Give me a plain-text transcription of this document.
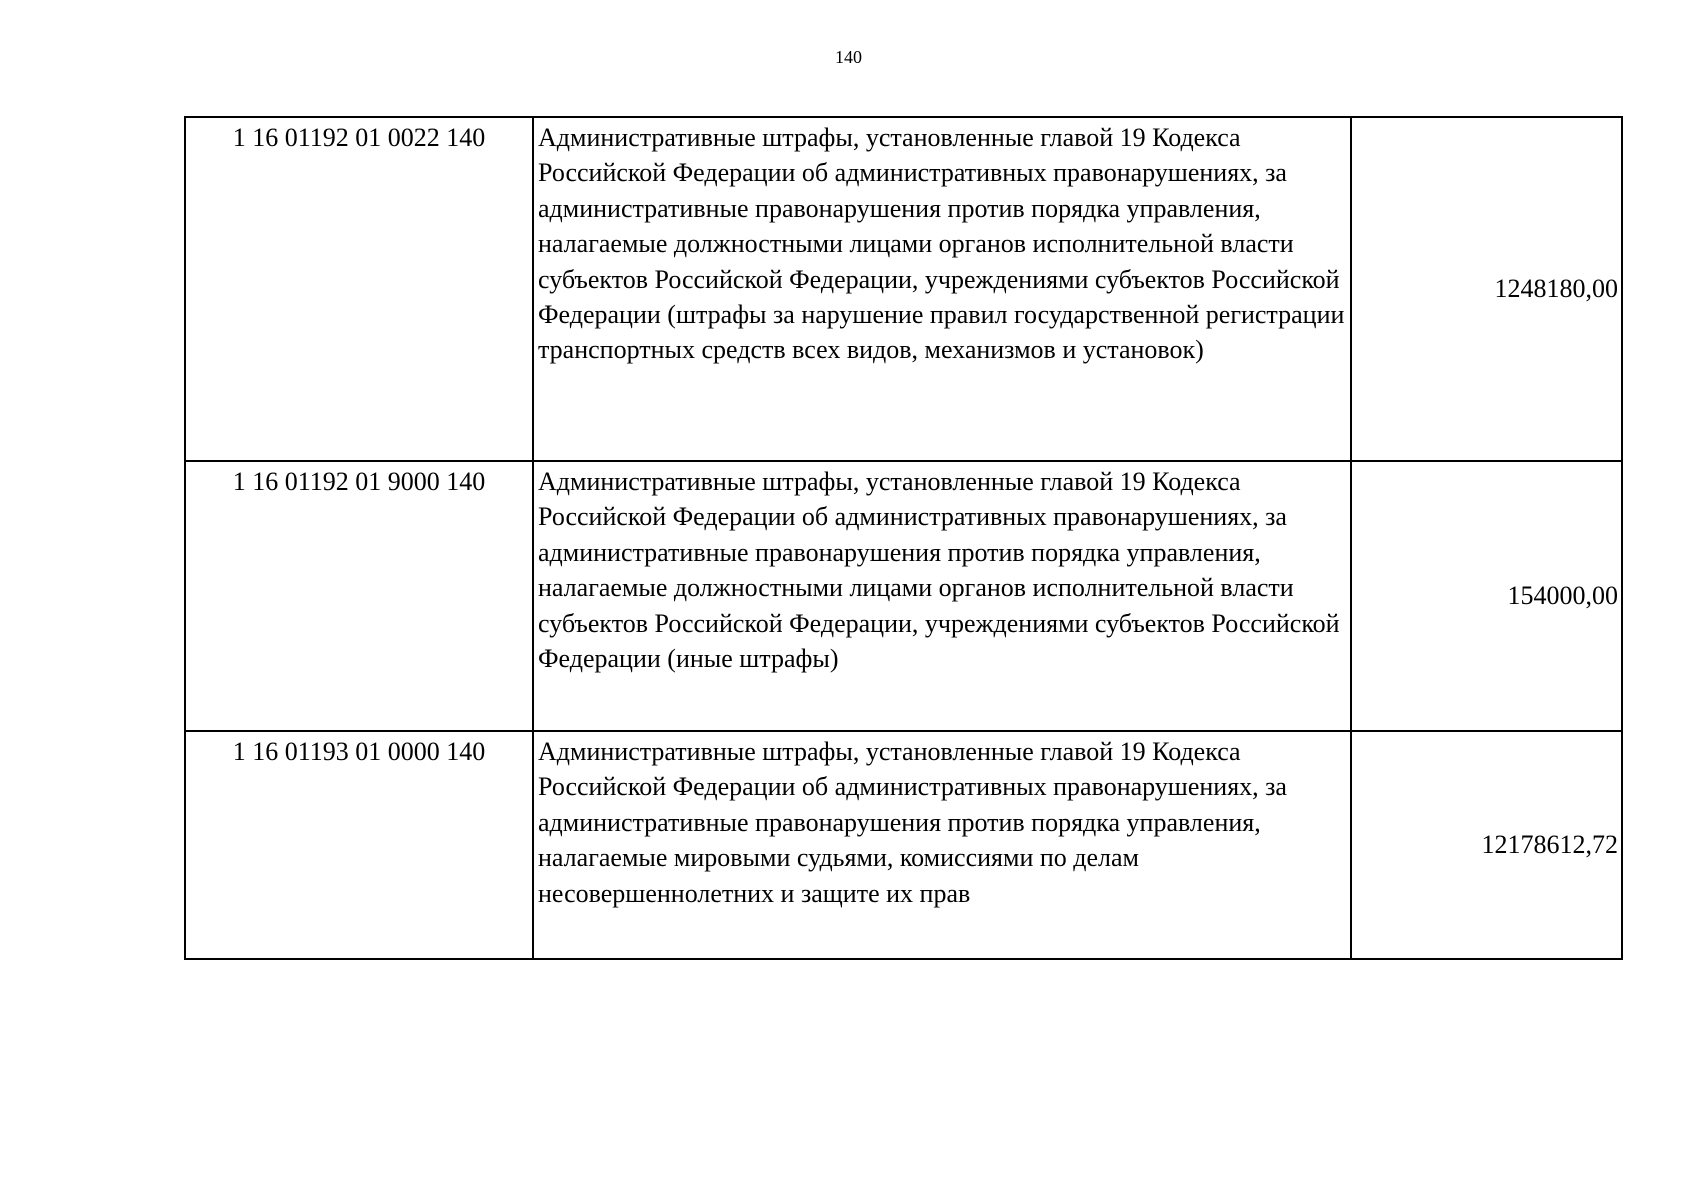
140
1 16 01192 01 0022 140	Административные штрафы, установленные главой 19 Кодекса Российской Федерации об административных правонарушениях, за административные правонарушения против порядка управления, налагаемые должностными лицами органов исполнительной власти субъектов Российской Федерации, учреждениями субъектов Российской Федерации (штрафы за нарушение правил государственной регистрации транспортных средств всех видов, механизмов и установок)	1248180,00
1 16 01192 01 9000 140	Административные штрафы, установленные главой 19 Кодекса Российской Федерации об административных правонарушениях, за административные правонарушения против порядка управления, налагаемые должностными лицами органов исполнительной власти субъектов Российской Федерации, учреждениями субъектов Российской Федерации (иные штрафы)	154000,00
1 16 01193 01 0000 140	Административные штрафы, установленные главой 19 Кодекса Российской Федерации об административных правонарушениях, за административные правонарушения против порядка управления, налагаемые мировыми судьями, комиссиями по делам несовершеннолетних и защите их прав	12178612,72
